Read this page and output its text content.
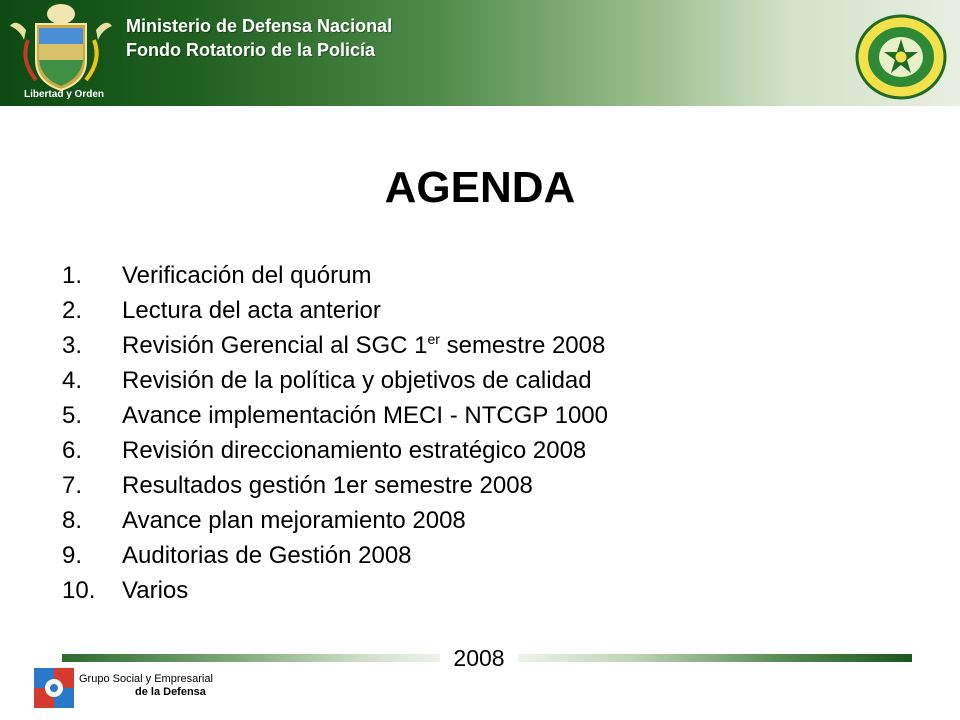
Libertad y Orden
Ministerio de Defensa Nacional
Fondo Rotatorio de la Policía
AGENDA
1.	Verificación del quórum
2.	Lectura del acta anterior
3.	Revisión Gerencial al SGC 1er semestre 2008
4.	Revisión de la política y objetivos de calidad
5.	Avance implementación MECI - NTCGP 1000
6.	Revisión direccionamiento estratégico 2008
7.	Resultados gestión 1er semestre 2008
8.	Avance plan mejoramiento 2008
9.	Auditorias de Gestión 2008
10.	Varios
2008
Grupo Social y Empresarial
de la Defensa
